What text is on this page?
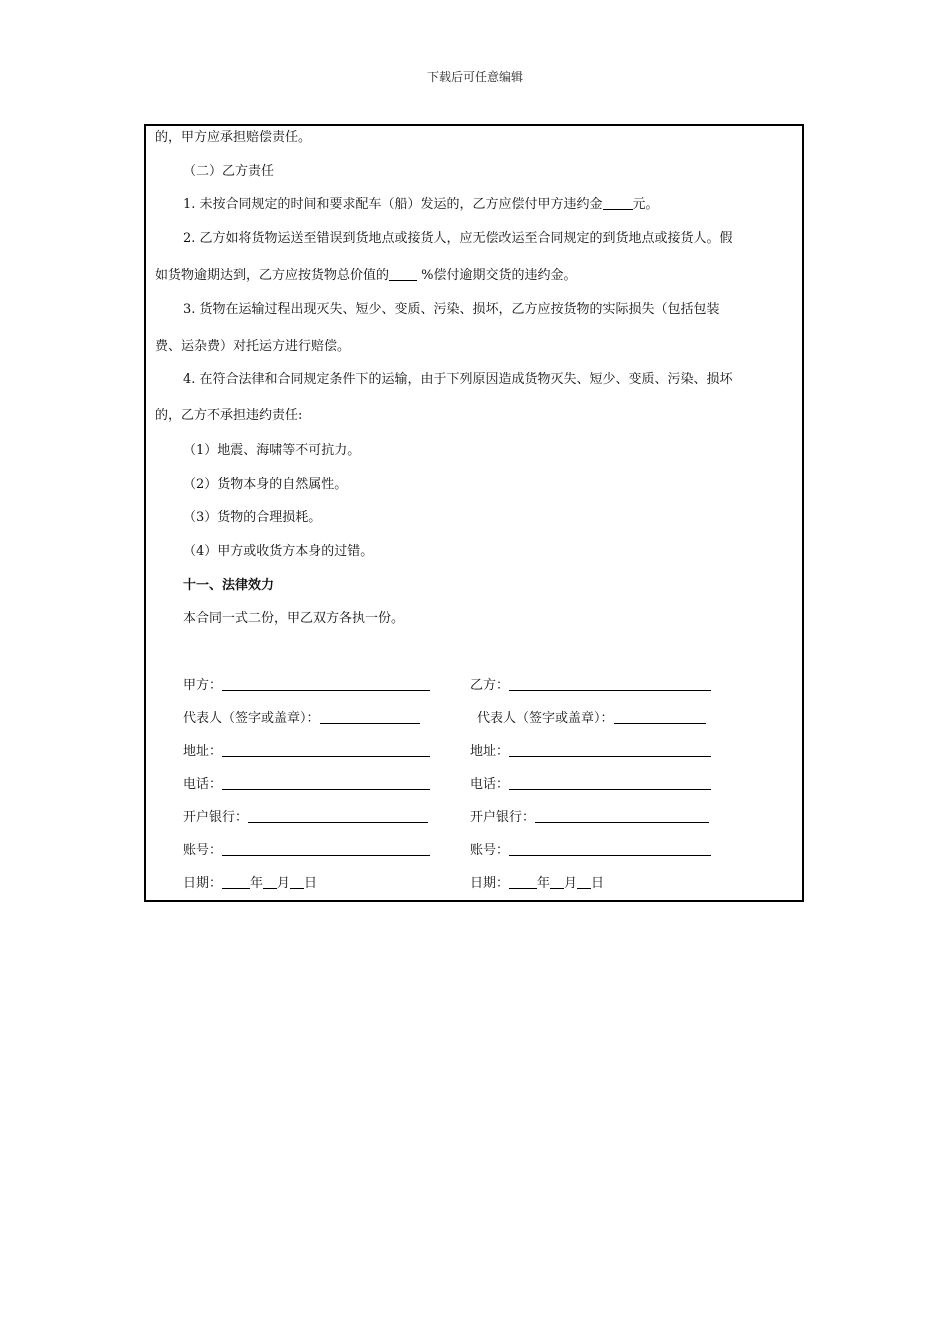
下载后可任意编辑
的，甲方应承担赔偿责任。
（二）乙方责任
1. 未按合同规定的时间和要求配车（船）发运的，乙方应偿付甲方违约金 元。
2. 乙方如将货物运送至错误到货地点或接货人，应无偿改运至合同规定的到货地点或接货人。假
如货物逾期达到，乙方应按货物总价值的 %偿付逾期交货的违约金。
3. 货物在运输过程出现灭失、短少、变质、污染、损坏，乙方应按货物的实际损失（包括包装
费、运杂费）对托运方进行赔偿。
4. 在符合法律和合同规定条件下的运输，由于下列原因造成货物灭失、短少、变质、污染、损坏
的，乙方不承担违约责任:
（1）地震、海啸等不可抗力。
（2）货物本身的自然属性。
（3）货物的合理损耗。
（4）甲方或收货方本身的过错。
十一、法律效力
本合同一式二份，甲乙双方各执一份。
甲方：
代表人（签字或盖章）：
地址：
电话：
开户银行：
账号：
日期： 年 月 日
乙方：
代表人（签字或盖章）：
地址：
电话：
开户银行：
账号：
日期： 年 月 日
